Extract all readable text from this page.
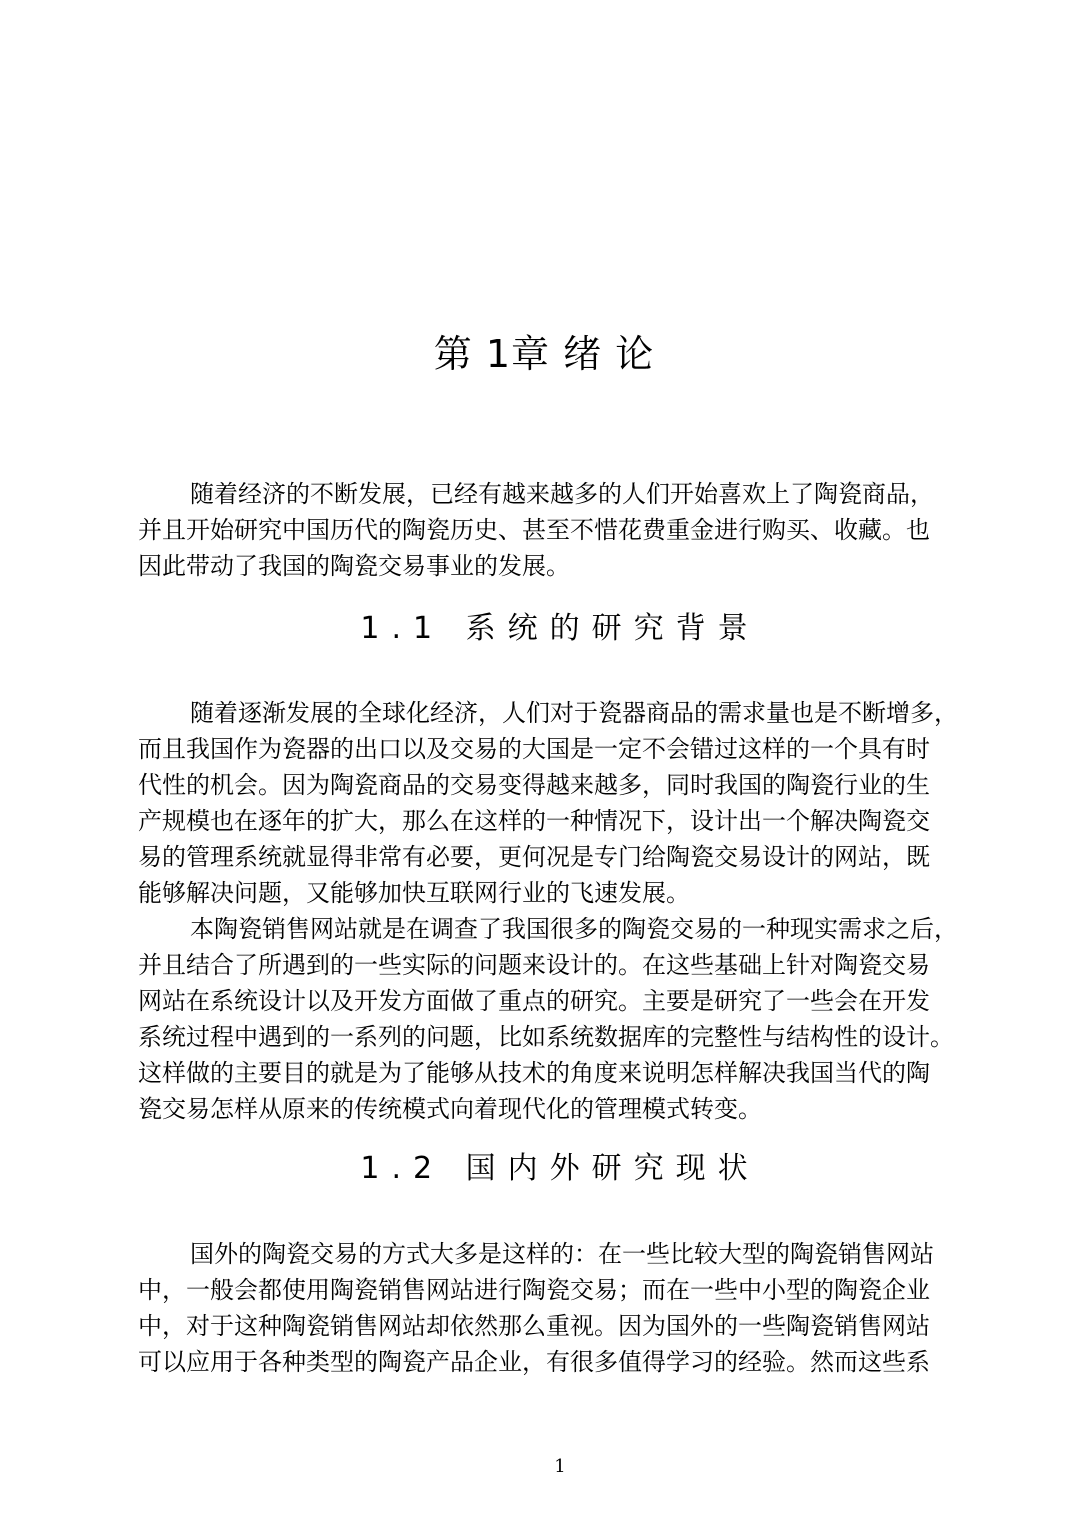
第 1章 绪 论

随着经济的不断发展，已经有越来越多的人们开始喜欢上了陶瓷商品，

并且开始研究中国历代的陶瓷历史、甚至不惜花费重金进行购买、收藏。也

因此带动了我国的陶瓷交易事业的发展。

1.1 系统的研究背景

随着逐渐发展的全球化经济，人们对于瓷器商品的需求量也是不断增多，

而且我国作为瓷器的出口以及交易的大国是一定不会错过这样的一个具有时

代性的机会。因为陶瓷商品的交易变得越来越多，同时我国的陶瓷行业的生

产规模也在逐年的扩大，那么在这样的一种情况下，设计出一个解决陶瓷交

易的管理系统就显得非常有必要，更何况是专门给陶瓷交易设计的网站，既

能够解决问题，又能够加快互联网行业的飞速发展。

本陶瓷销售网站就是在调查了我国很多的陶瓷交易的一种现实需求之后，

并且结合了所遇到的一些实际的问题来设计的。在这些基础上针对陶瓷交易

网站在系统设计以及开发方面做了重点的研究。主要是研究了一些会在开发

系统过程中遇到的一系列的问题，比如系统数据库的完整性与结构性的设计。

这样做的主要目的就是为了能够从技术的角度来说明怎样解决我国当代的陶

瓷交易怎样从原来的传统模式向着现代化的管理模式转变。

1.2 国内外研究现状

国外的陶瓷交易的方式大多是这样的：在一些比较大型的陶瓷销售网站

中，一般会都使用陶瓷销售网站进行陶瓷交易；而在一些中小型的陶瓷企业

中，对于这种陶瓷销售网站却依然那么重视。因为国外的一些陶瓷销售网站

可以应用于各种类型的陶瓷产品企业，有很多值得学习的经验。然而这些系

1
